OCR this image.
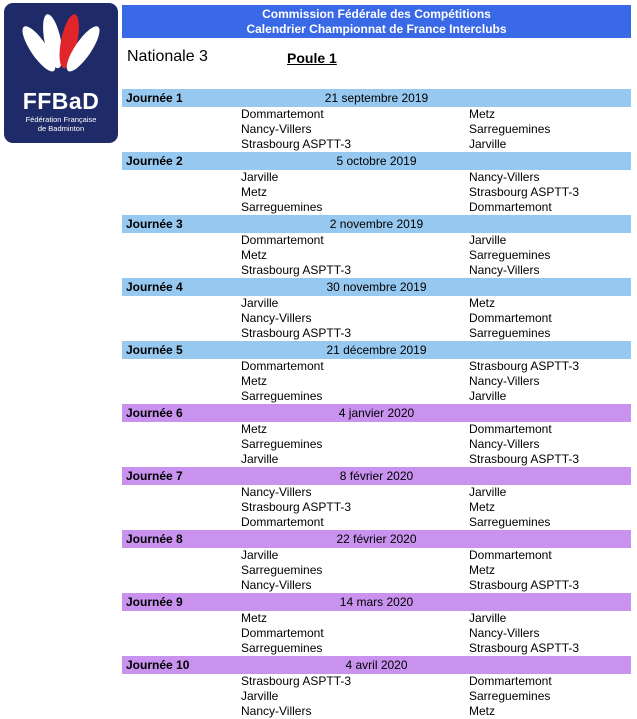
FFBaD
Fédération Française
de Badminton
Commission Fédérale des Compétitions
Calendrier Championnat de France Interclubs
Nationale 3	Poule 1
Journée 1	21 septembre 2019
Dommartemont	Metz
Nancy-Villers	Sarreguemines
Strasbourg ASPTT-3	Jarville
Journée 2	5 octobre 2019
Jarville	Nancy-Villers
Metz	Strasbourg ASPTT-3
Sarreguemines	Dommartemont
Journée 3	2 novembre 2019
Dommartemont	Jarville
Metz	Sarreguemines
Strasbourg ASPTT-3	Nancy-Villers
Journée 4	30 novembre 2019
Jarville	Metz
Nancy-Villers	Dommartemont
Strasbourg ASPTT-3	Sarreguemines
Journée 5	21 décembre 2019
Dommartemont	Strasbourg ASPTT-3
Metz	Nancy-Villers
Sarreguemines	Jarville
Journée 6	4 janvier 2020
Metz	Dommartemont
Sarreguemines	Nancy-Villers
Jarville	Strasbourg ASPTT-3
Journée 7	8 février 2020
Nancy-Villers	Jarville
Strasbourg ASPTT-3	Metz
Dommartemont	Sarreguemines
Journée 8	22 février 2020
Jarville	Dommartemont
Sarreguemines	Metz
Nancy-Villers	Strasbourg ASPTT-3
Journée 9	14 mars 2020
Metz	Jarville
Dommartemont	Nancy-Villers
Sarreguemines	Strasbourg ASPTT-3
Journée 10	4 avril 2020
Strasbourg ASPTT-3	Dommartemont
Jarville	Sarreguemines
Nancy-Villers	Metz
